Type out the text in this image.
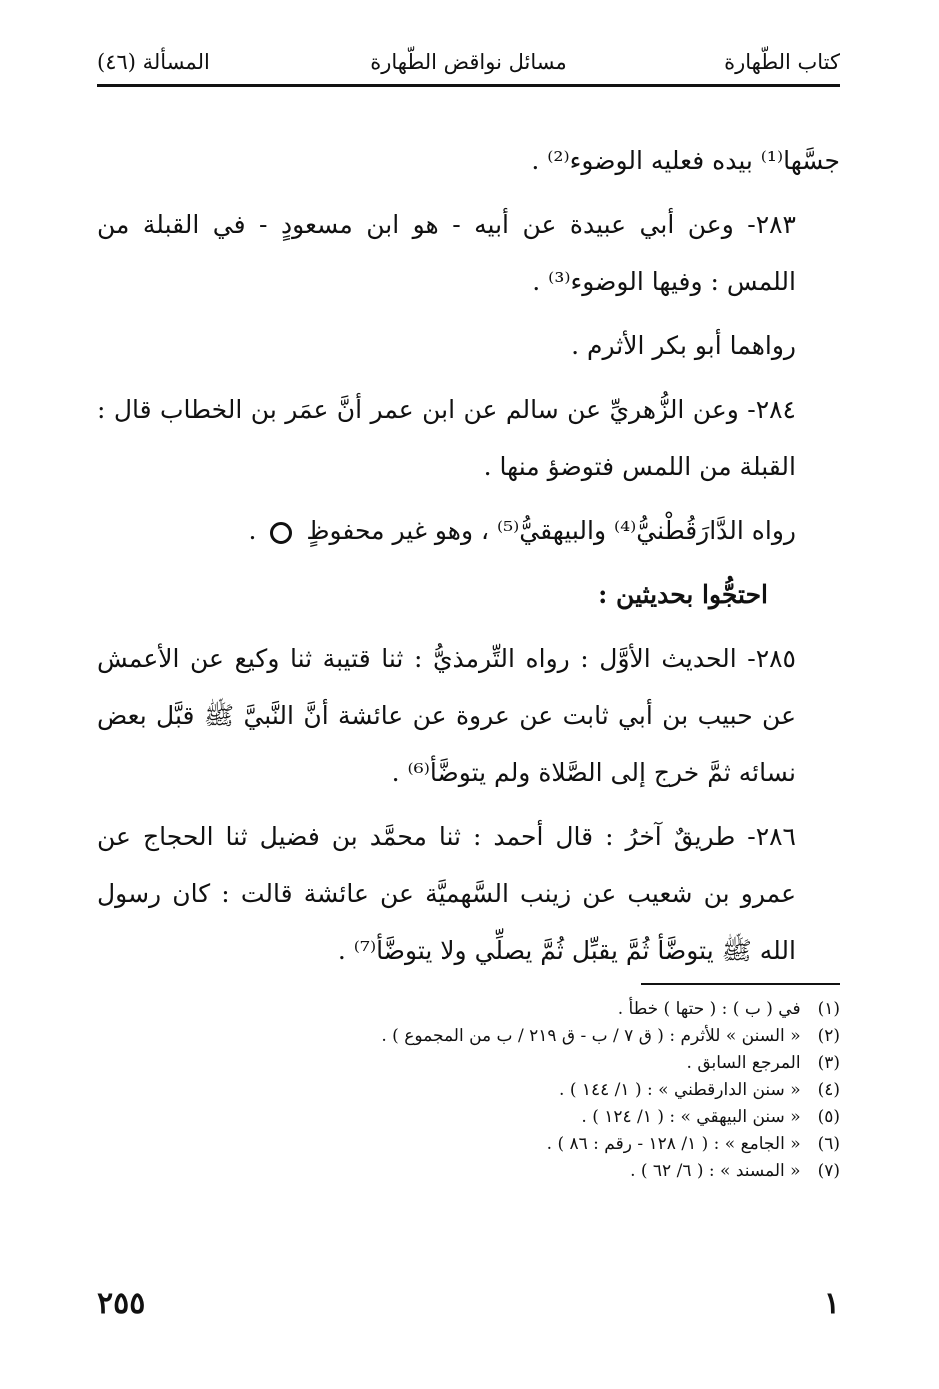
كتاب الطّهارة
مسائل نواقض الطّهارة
المسألة (٤٦)

جسَّها⁽¹⁾ بيده فعليه الوضوء⁽²⁾ .

٢٨٣- وعن أبي عبيدة عن أبيه - هو ابن مسعودٍ - في القبلة من اللمس : وفيها الوضوء⁽³⁾ .

رواهما أبو بكر الأثرم .

٢٨٤- وعن الزُّهريِّ عن سالم عن ابن عمر أنَّ عمَر بن الخطاب قال : القبلة من اللمس فتوضؤ منها .

رواه الدَّارَقُطْنيُّ⁽⁴⁾ والبيهقيُّ⁽⁵⁾ ، وهو غير محفوظٍ  .

احتجُّوا بحديثين :

٢٨٥- الحديث الأوَّل : رواه التِّرمذيُّ : ثنا قتيبة ثنا وكيع عن الأعمش عن حبيب بن أبي ثابت عن عروة عن عائشة أنَّ النَّبيَّ ﷺ قبَّل بعض نسائه ثمَّ خرج إلى الصَّلاة ولم يتوضَّأ⁽⁶⁾ .

٢٨٦- طريقٌ آخرُ : قال أحمد : ثنا محمَّد بن فضيل ثنا الحجاج عن عمرو بن شعيب عن زينب السَّهميَّة عن عائشة قالت : كان رسول الله ﷺ يتوضَّأ ثُمَّ يقبِّل ثُمَّ يصلِّي ولا يتوضَّأ⁽⁷⁾ .

(١) في ( ب ) : ( حتها ) خطأ .

(٢) « السنن » للأثرم : ( ق ٧ / ب - ق ٢١٩ / ب من المجموع ) .

(٣) المرجع السابق .

(٤) « سنن الدارقطني » : ( ١/ ١٤٤ ) .

(٥) « سنن البيهقي » : ( ١/ ١٢٤ ) .

(٦) « الجامع » : ( ١/ ١٢٨ - رقم : ٨٦ ) .

(٧) « المسند » : ( ٦/ ٦٢ ) .

٢٥٥	١
